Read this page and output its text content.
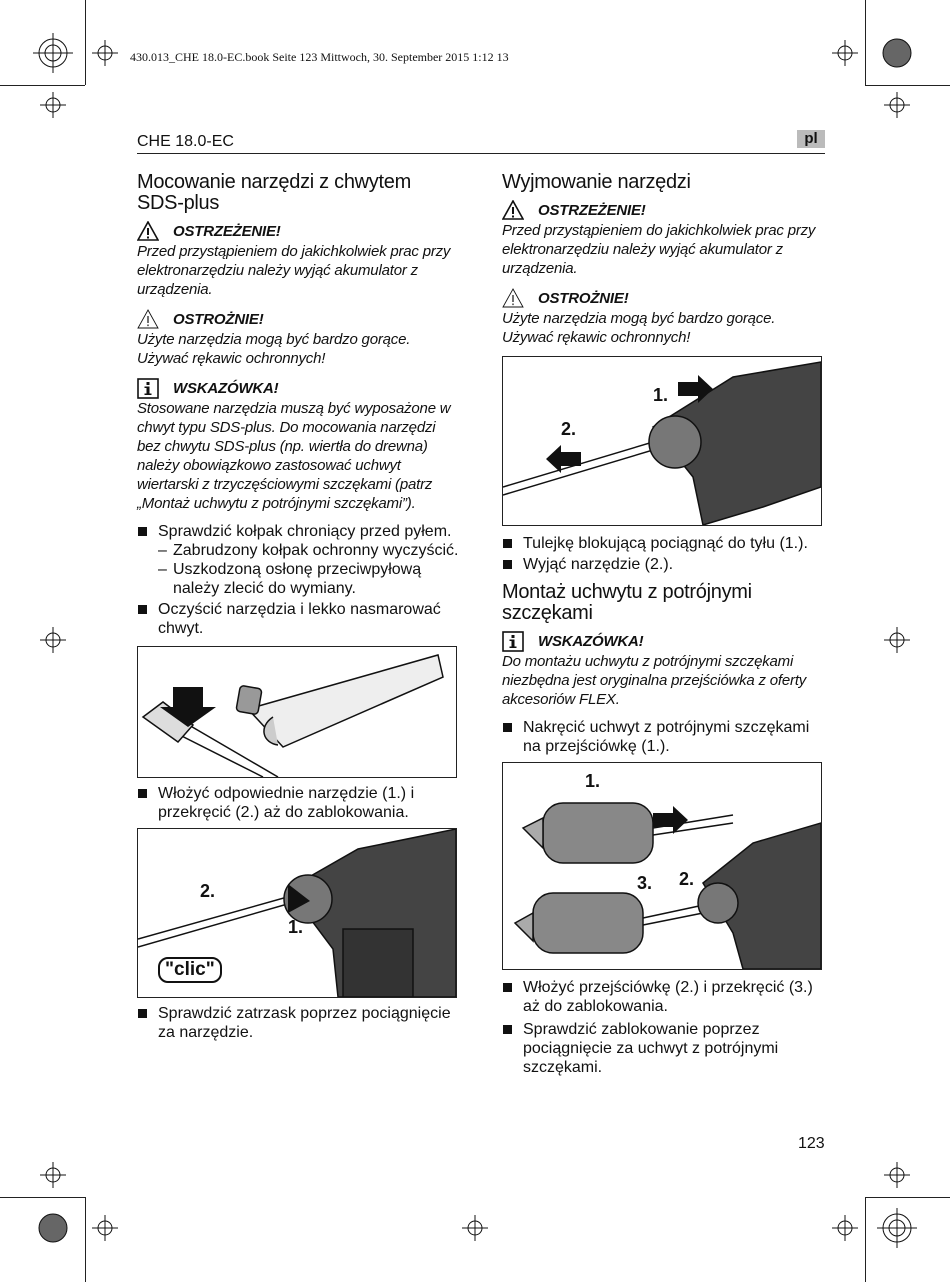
430.013_CHE 18.0-EC.book Seite 123 Mittwoch, 30. September 2015 1:12 13
CHE 18.0-EC	pl
Mocowanie narzędzi z chwytem SDS-plus
OSTRZEŻENIE!

Przed przystąpieniem do jakichkolwiek prac przy elektronarzędziu należy wyjąć akumulator z urządzenia.

OSTROŻNIE!

Użyte narzędzia mogą być bardzo gorące. Używać rękawic ochronnych!

WSKAZÓWKA!

Stosowane narzędzia muszą być wyposażone w chwyt typu SDS-plus. Do mocowania narzędzi bez chwytu SDS-plus (np. wiertła do drewna) należy obowiązkowo zastosować uchwyt wiertarski z trzyczęściowymi szczękami (patrz „Montaż uchwytu z potrójnymi szczękami”).

Sprawdzić kołpak chroniący przed pyłem.
– Zabrudzony kołpak ochronny wyczyścić.
– Uszkodzoną osłonę przeciwpyłową należy zlecić do wymiany.
Oczyścić narzędzia i lekko nasmarować chwyt.
Włożyć odpowiednie narzędzie (1.) i przekręcić (2.) aż do zablokowania.
2.
1.
"clic"
Sprawdzić zatrzask poprzez pociągnięcie za narzędzie.
Wyjmowanie narzędzi
OSTRZEŻENIE!

Przed przystąpieniem do jakichkolwiek prac przy elektronarzędziu należy wyjąć akumulator z urządzenia.

OSTROŻNIE!

Użyte narzędzia mogą być bardzo gorące. Używać rękawic ochronnych!

1.
2.
Tulejkę blokującą pociągnąć do tyłu (1.).
Wyjąć narzędzie (2.).
Montaż uchwytu z potrójnymi szczękami
WSKAZÓWKA!

Do montażu uchwytu z potrójnymi szczękami niezbędna jest oryginalna przejściówka z oferty akcesoriów FLEX.

Nakręcić uchwyt z potrójnymi szczękami na przejściówkę (1.).
1.
3. 2.
Włożyć przejściówkę (2.) i przekręcić (3.) aż do zablokowania.
Sprawdzić zablokowanie poprzez pociągnięcie za uchwyt z potrójnymi szczękami.
123
